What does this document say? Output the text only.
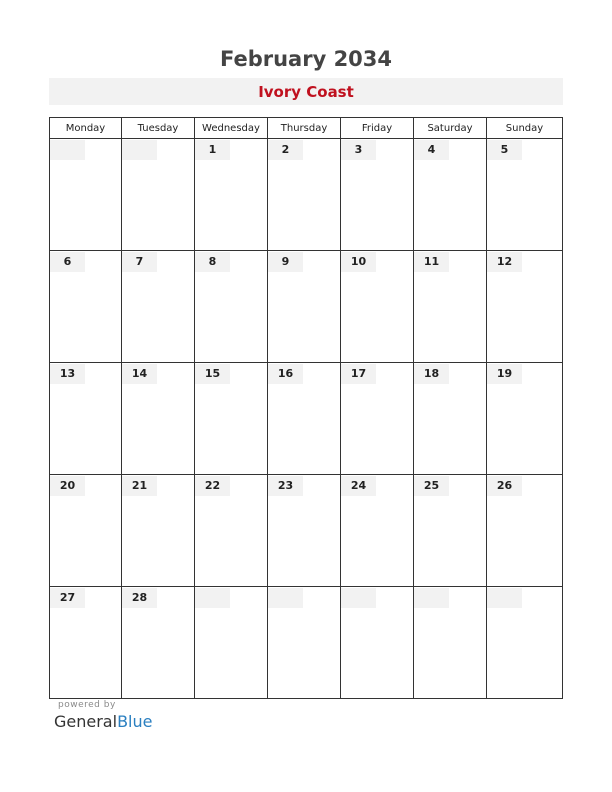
February 2034
Ivory Coast
Monday	Tuesday	Wednesday	Thursday	Friday	Saturday	Sunday

		1	2	3	4	5

6	7	8	9	10	11	12

13	14	15	16	17	18	19

20	21	22	23	24	25	26

27	28					

powered by
GeneralBlue
